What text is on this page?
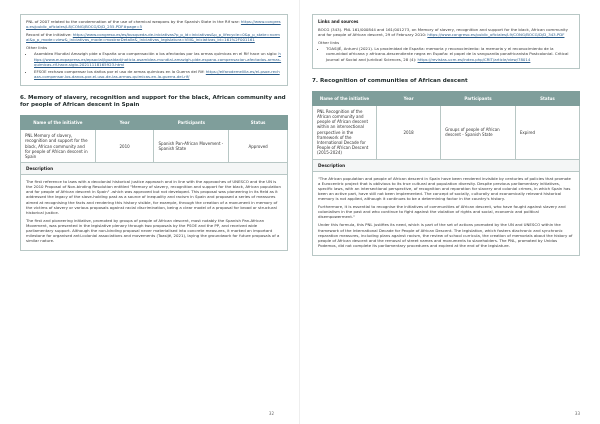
PNL of 2007 related to the condemnation of the use of chemical weapons by the Spanish State in the Rif war: https://www.congreso.es/public_oficiales/L8/CONG/BOCG/D/D_255.PDF#page=5

Record of the initiative: https://www.congreso.es/es/busqueda-de-iniciativas?p_p_id=iniciativas&p_p_lifecycle=0&p_p_state=normal&p_p_mode=view&_iniciativas_mode=mostrarDetalle&_iniciativas_legislatura=VIII&_iniciativas_id=161%2F001161

Other links
• Asamblea Mundial Amazigh pide a España una compensación a los afectados por las armas químicas en el Rif hace un siglo: https://www.europapress.es/epsocial/igualdad/noticia-asamblea-mundial-amazigh-pide-espana-compensacion-afectados-armas-quimicas-rif-hace-siglo-20211118165923.html
• EFSOE rechaza compensar los daños por el uso de armas químicas en la Guerra del Rif: https://elfarodemelilla.es/el-psoe-rechaza-compensar-los-danos-por-el-uso-de-las-armas-quimicas-en-la-guerra-del-rif/
6. Memory of slavery, recognition and support for the black, African community and for people of African descent in Spain
Name of the initiative	Year	Participants	Status
PNL Memory of slavery, recognition and support for the black, African community and for people of African descent in Spain	2010	Spanish Pan-African Movement - Spanish State	Approved
Description

The first reference to laws with a decolonial historical justice approach and in line with the approaches of UNESCO and the UN is the 2010 Proposal of Non-binding Resolution entitled "Memory of slavery, recognition and support for the black, African population and for people of African descent in Spain" -which was approved but not developed. This proposal was pioneering in its field as it addressed the legacy of the slave-holding past as a source of inequality and racism in Spain and proposed a series of measures aimed at recognising the facts and rendering this history visible, for example, through the creation of a monument in memory of the victims of slavery or various proposals against racial discrimination, being a clear model of a proposal for broad or structural historical justice.

The first and pioneering initiative, promoted by groups of people of African descent, most notably the Spanish Pan-African Movement, was presented in the legislative plenary through two proposals by the PSOE and the PP, and received wide parliamentary support. Although the non-binding proposal never materialised into concrete measures, it marked an important milestone for organised anti-colonial associations and movements (Toasijé, 2021), laying the groundwork for future proposals of a similar nature.

32
Links and sources

BOCG (343). PNL 161/000844 and 161/001273, on Memory of slavery, recognition and support for the black, African community and for people of African descent, 29 of February 2010: https://www.congreso.es/public_oficiales/L9/CONG/BOCG/D/D_343.PDF

Other links
• TOASIJÉ, Antumi (2021). La proximidad de España: memoria y reconocimiento: la memoria y el reconocimiento de la comunidad africana y africano-descendiente negra en España: el papel de la vanguardia panafricanista Postcolonial. Critical Journal of Social and Juridical Sciences, 28 (4): https://revistas.ucm.es/index.php/CRIT/article/view/78014
7. Recognition of communities of African descent
Name of the initiative	Year	Participants	Status
PNL Recognition of the African community and people of African descent within an intersectional perspective in the framework of the International Decade for People of African Descent (2015-2024)	2018	Groups of people of African descent - Spanish State	Expired
Description

"The African population and people of African descent in Spain have been rendered invisible by centuries of policies that promote a Eurocentric project that is oblivious to its true cultural and population diversity. Despite previous parliamentary initiatives, specific laws, with an intersectional perspective, of recognition and reparation for slavery and colonial crimes, in which Spain has been an active part, have still not been implemented. The concept of socially, culturally and economically relevant historical memory is not applied, although it continues to be a determining factor in the country's history.

Furthermore, it is essential to recognise the initiatives of communities of African descent, who have fought against slavery and colonialism in the past and who continue to fight against the violation of rights and social, economic and political disempowerment."

Under this formula, this PNL justifies its need, which is part of the set of actions promoted by the UN and UNESCO within the framework of the International Decade for People of African Descent. The legislation, which fosters diachronic and synchronic reparation measures, including plans against racism, the review of school curricula, the creation of memorials about the history of people of African descent and the removal of street names and monuments to slaveholders. The PNL, promoted by Unidos Podemos, did not complete its parliamentary procedures and expired at the end of the legislature.

33
